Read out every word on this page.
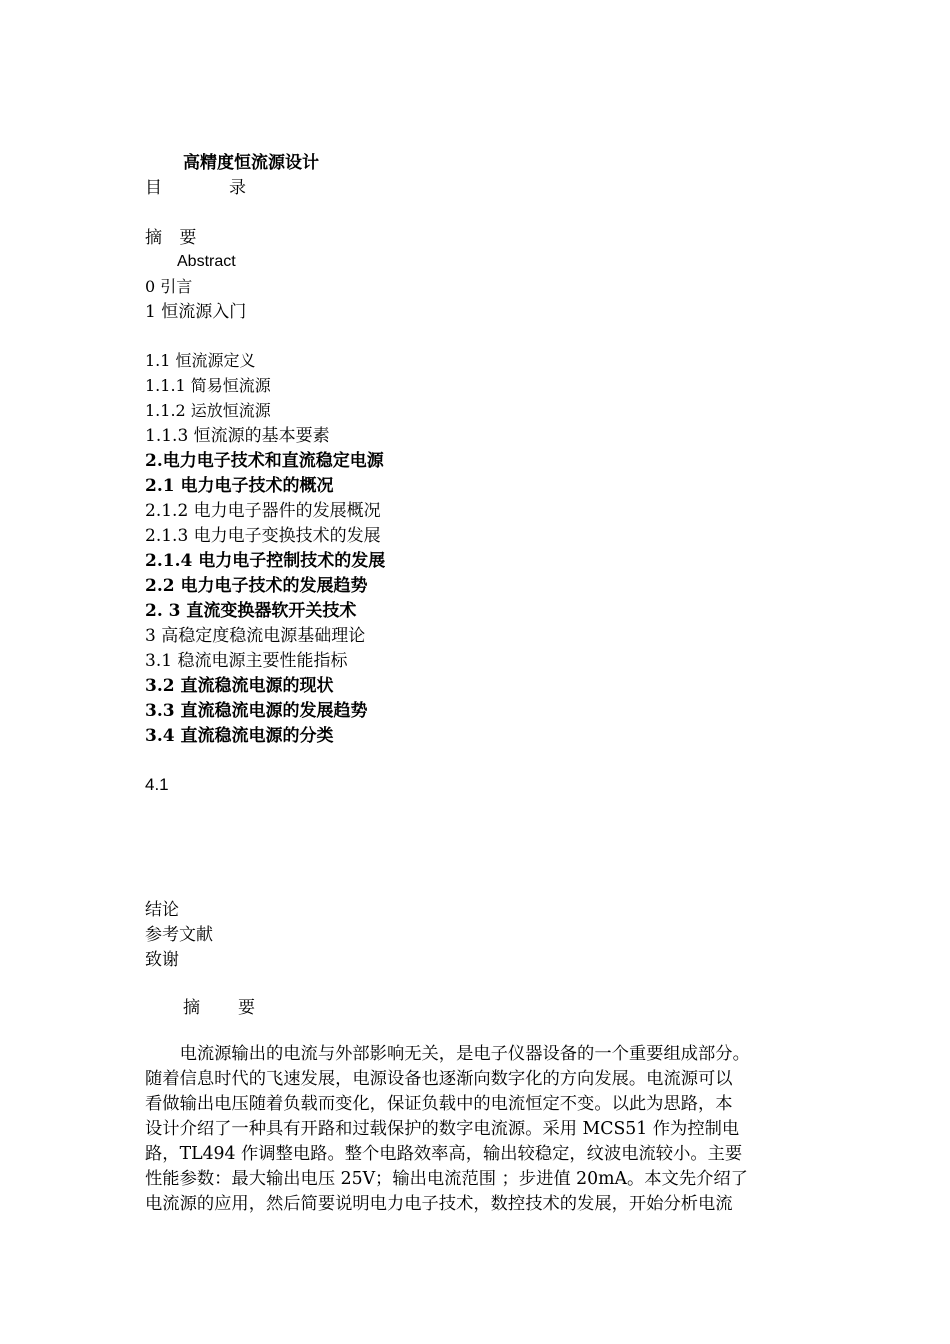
高精度恒流源设计
目	录
摘 要
Abstract
0 引言
1 恒流源入门
1.1 恒流源定义
1.1.1 简易恒流源
1.1.2 运放恒流源
1.1.3 恒流源的基本要素
2.电力电子技术和直流稳定电源
2.1 电力电子技术的概况
2.1.2 电力电子器件的发展概况
2.1.3 电力电子变换技术的发展
2.1.4 电力电子控制技术的发展
2.2 电力电子技术的发展趋势
2. 3 直流变换器软开关技术
3 高稳定度稳流电源基础理论
3.1 稳流电源主要性能指标
3.2 直流稳流电源的现状
3.3 直流稳流电源的发展趋势
3.4 直流稳流电源的分类
4.1
结论
参考文献
致谢
摘 要

　　电流源输出的电流与外部影响无关，是电子仪器设备的一个重要组成部分。

随着信息时代的飞速发展，电源设备也逐渐向数字化的方向发展。电流源可以

看做输出电压随着负载而变化，保证负载中的电流恒定不变。以此为思路，本

设计介绍了一种具有开路和过载保护的数字电流源。采用 MCS51 作为控制电

路，TL494 作调整电路。整个电路效率高，输出较稳定，纹波电流较小。主要

性能参数：最大输出电压 25V；输出电流范围 ；步进值 20mA。本文先介绍了

电流源的应用，然后简要说明电力电子技术，数控技术的发展，开始分析电流
